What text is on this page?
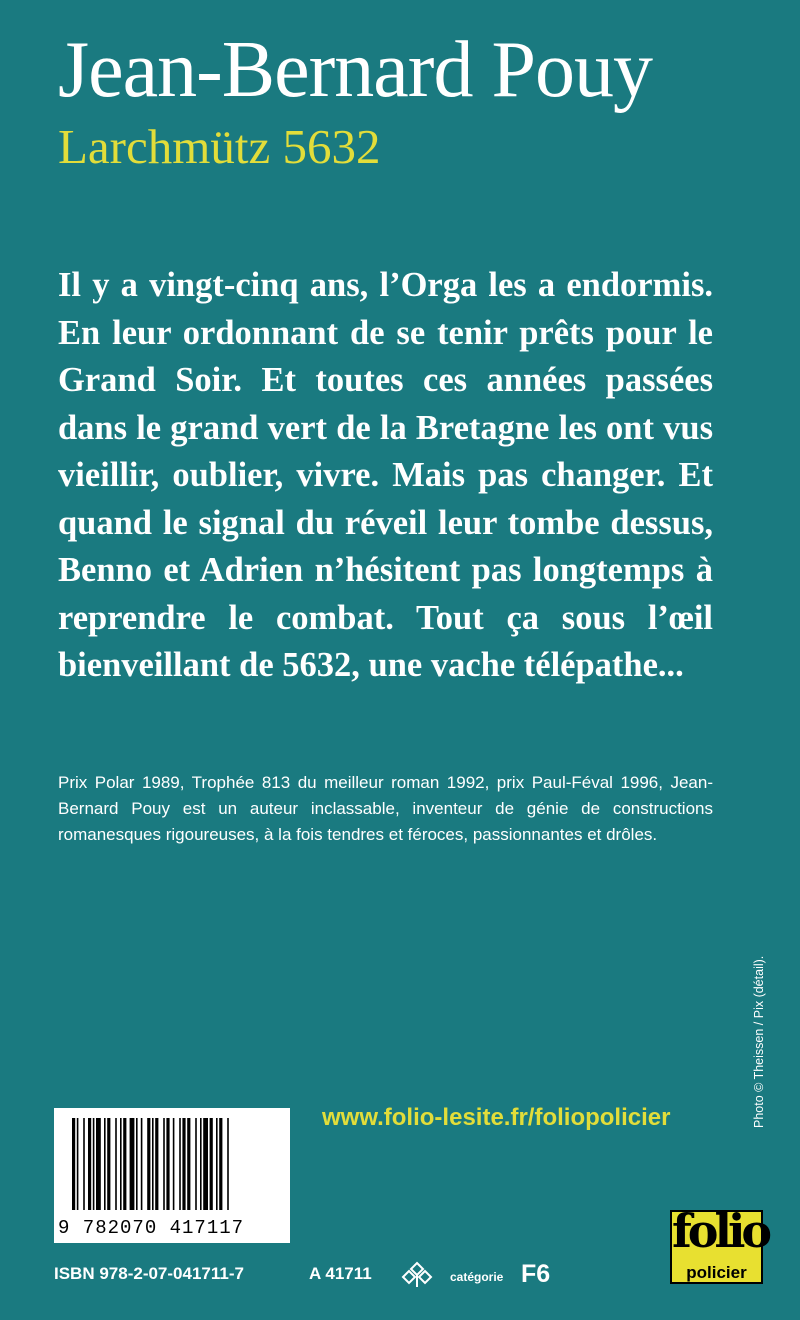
Jean-Bernard Pouy
Larchmütz 5632

Il y a vingt-cinq ans, l’Orga les a endormis. En leur ordonnant de se tenir prêts pour le Grand Soir. Et toutes ces années passées dans le grand vert de la Bretagne les ont vus vieillir, oublier, vivre. Mais pas changer. Et quand le signal du réveil leur tombe dessus, Benno et Adrien n’hésitent pas longtemps à reprendre le combat. Tout ça sous l’œil bienveillant de 5632, une vache télépathe...

Prix Polar 1989, Trophée 813 du meilleur roman 1992, prix Paul-Féval 1996, Jean-Bernard Pouy est un auteur inclassable, inventeur de génie de constructions romanesques rigoureuses, à la fois tendres et féroces, passionnantes et drôles.

Photo © Theissen / Pix (détail).
www.folio-lesite.fr/foliopolicier
9 782070 417117
ISBN 978-2-07-041711-7	A 41711	catégorie F6
folio
policier
